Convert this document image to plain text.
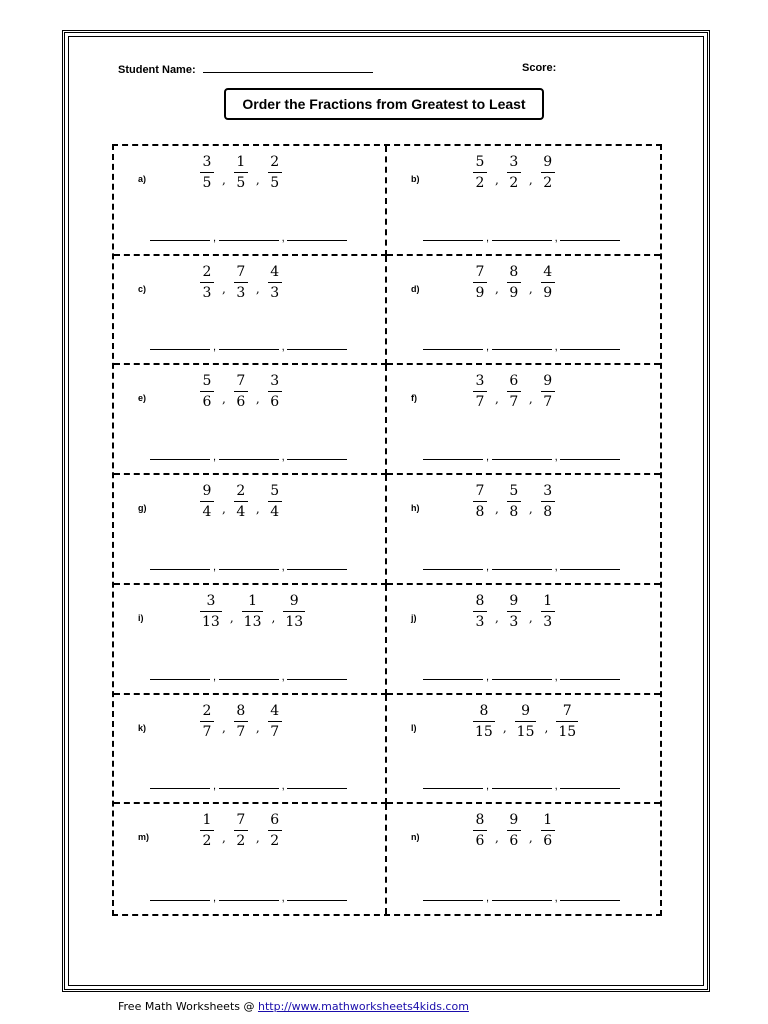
Student Name:	Score:
Order the Fractions from Greatest to Least
a)	$\frac{3}{5}$ , $\frac{1}{5}$ , $\frac{2}{5}$
,	,
b)	$\frac{5}{2}$ , $\frac{3}{2}$ , $\frac{9}{2}$
,	,
c)	$\frac{2}{3}$ , $\frac{7}{3}$ , $\frac{4}{3}$
,	,
d)	$\frac{7}{9}$ , $\frac{8}{9}$ , $\frac{4}{9}$
,	,
e)	$\frac{5}{6}$ , $\frac{7}{6}$ , $\frac{3}{6}$
,	,
f)	$\frac{3}{7}$ , $\frac{6}{7}$ , $\frac{9}{7}$
,	,
g)	$\frac{9}{4}$ , $\frac{2}{4}$ , $\frac{5}{4}$
,	,
h)	$\frac{7}{8}$ , $\frac{5}{8}$ , $\frac{3}{8}$
,	,
i)	$\frac{3}{13}$ , $\frac{1}{13}$ , $\frac{9}{13}$
,	,
j)	$\frac{8}{3}$ , $\frac{9}{3}$ , $\frac{1}{3}$
,	,
k)	$\frac{2}{7}$ , $\frac{8}{7}$ , $\frac{4}{7}$
,	,
l)	$\frac{8}{15}$ , $\frac{9}{15}$ , $\frac{7}{15}$
,	,
m)	$\frac{1}{2}$ , $\frac{7}{2}$ , $\frac{6}{2}$
,	,
n)	$\frac{8}{6}$ , $\frac{9}{6}$ , $\frac{1}{6}$
,	,
Free Math Worksheets @ http://www.mathworksheets4kids.com
